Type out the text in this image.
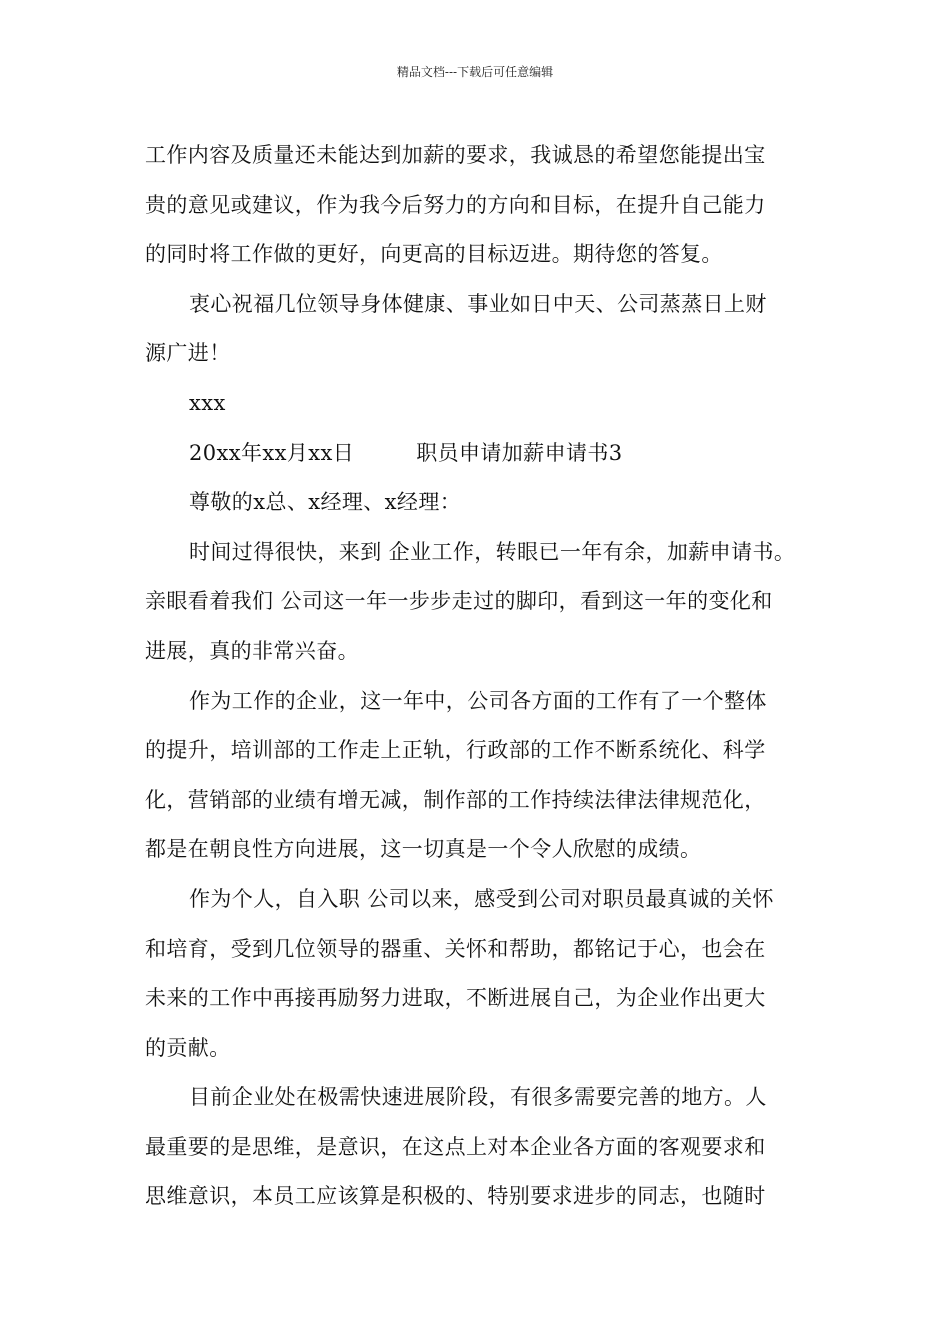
精品文档---下载后可任意编辑
工作内容及质量还未能达到加薪的要求，我诚恳的希望您能提出宝
贵的意见或建议，作为我今后努力的方向和目标，在提升自己能力
的同时将工作做的更好，向更高的目标迈进。期待您的答复。
衷心祝福几位领导身体健康、事业如日中天、公司蒸蒸日上财
源广进！
xxx
20xx年xx月xx日	职员申请加薪申请书3
尊敬的x总、x经理、x经理：
时间过得很快，来到 企业工作，转眼已一年有余，加薪申请书。
亲眼看着我们 公司这一年一步步走过的脚印，看到这一年的变化和
进展，真的非常兴奋。
作为工作的企业，这一年中，公司各方面的工作有了一个整体
的提升，培训部的工作走上正轨，行政部的工作不断系统化、科学
化，营销部的业绩有增无减，制作部的工作持续法律法律规范化，
都是在朝良性方向进展，这一切真是一个令人欣慰的成绩。
作为个人，自入职 公司以来，感受到公司对职员最真诚的关怀
和培育，受到几位领导的器重、关怀和帮助，都铭记于心，也会在
未来的工作中再接再励努力进取，不断进展自己，为企业作出更大
的贡献。
目前企业处在极需快速进展阶段，有很多需要完善的地方。人
最重要的是思维，是意识，在这点上对本企业各方面的客观要求和
思维意识，本员工应该算是积极的、特别要求进步的同志，也随时
